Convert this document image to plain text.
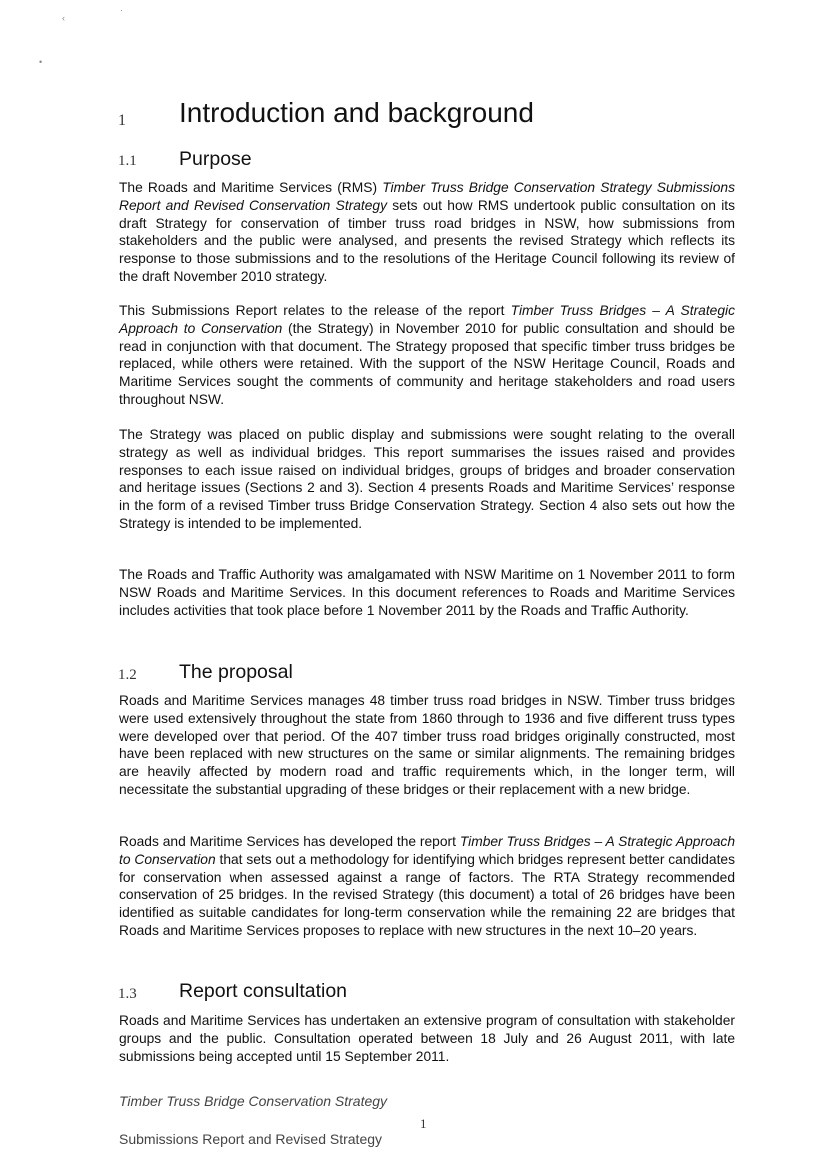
‹
•
·
1 Introduction and background
1.1 Purpose

The Roads and Maritime Services (RMS) Timber Truss Bridge Conservation Strategy Submissions Report and Revised Conservation Strategy sets out how RMS undertook public consultation on its draft Strategy for conservation of timber truss road bridges in NSW, how submissions from stakeholders and the public were analysed, and presents the revised Strategy which reflects its response to those submissions and to the resolutions of the Heritage Council following its review of the draft November 2010 strategy.

This Submissions Report relates to the release of the report Timber Truss Bridges – A Strategic Approach to Conservation (the Strategy) in November 2010 for public consultation and should be read in conjunction with that document. The Strategy proposed that specific timber truss bridges be replaced, while others were retained. With the support of the NSW Heritage Council, Roads and Maritime Services sought the comments of community and heritage stakeholders and road users throughout NSW.

The Strategy was placed on public display and submissions were sought relating to the overall strategy as well as individual bridges. This report summarises the issues raised and provides responses to each issue raised on individual bridges, groups of bridges and broader conservation and heritage issues (Sections 2 and 3). Section 4 presents Roads and Maritime Services’ response in the form of a revised Timber truss Bridge Conservation Strategy. Section 4 also sets out how the Strategy is intended to be implemented.

The Roads and Traffic Authority was amalgamated with NSW Maritime on 1 November 2011 to form NSW Roads and Maritime Services. In this document references to Roads and Maritime Services includes activities that took place before 1 November 2011 by the Roads and Traffic Authority.

1.2 The proposal

Roads and Maritime Services manages 48 timber truss road bridges in NSW. Timber truss bridges were used extensively throughout the state from 1860 through to 1936 and five different truss types were developed over that period. Of the 407 timber truss road bridges originally constructed, most have been replaced with new structures on the same or similar alignments. The remaining bridges are heavily affected by modern road and traffic requirements which, in the longer term, will necessitate the substantial upgrading of these bridges or their replacement with a new bridge.

Roads and Maritime Services has developed the report Timber Truss Bridges – A Strategic Approach to Conservation that sets out a methodology for identifying which bridges represent better candidates for conservation when assessed against a range of factors. The RTA Strategy recommended conservation of 25 bridges. In the revised Strategy (this document) a total of 26 bridges have been identified as suitable candidates for long-term conservation while the remaining 22 are bridges that Roads and Maritime Services proposes to replace with new structures in the next 10–20 years.

1.3 Report consultation

Roads and Maritime Services has undertaken an extensive program of consultation with stakeholder groups and the public. Consultation operated between 18 July and 26 August 2011, with late submissions being accepted until 15 September 2011.

Timber Truss Bridge Conservation Strategy
1
Submissions Report and Revised Strategy
